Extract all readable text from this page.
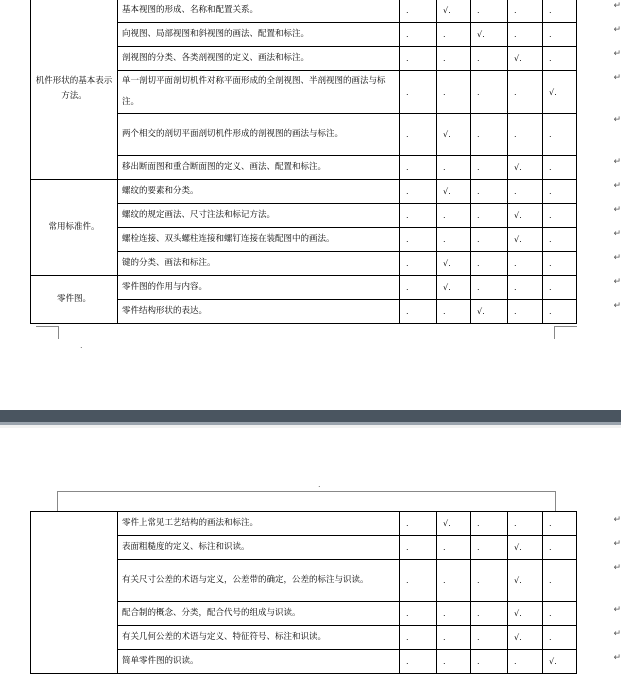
机件形状的基本表示方法。	基本视图的形成、名称和配置关系。	.	√.	.	.	.
	向视图、局部视图和斜视图的画法、配置和标注。	.	.	√.	.	.
	剖视图的分类、各类剖视图的定义、画法和标注。	.	.	.	√.	.
	单一剖切平面剖切机件对称平面形成的全剖视图、半剖视图的画法与标注。	.	.	.	.	√.
	两个相交的剖切平面剖切机件形成的剖视图的画法与标注。	.	√.	.	.	.
	移出断面图和重合断面图的定义、画法、配置和标注。	.	.	.	√.	.
常用标准件。	螺纹的要素和分类。	.	√.	.	.	.
	螺纹的规定画法、尺寸注法和标记方法。	.	.	.	√.	.
	螺栓连接、双头螺柱连接和螺钉连接在装配图中的画法。	.	.	.	√.	.
	键的分类、画法和标注。	.	√.	.	.	.
零件图。	零件图的作用与内容。	.	√.	.	.	.
	零件结构形状的表达。	.	.	√.	.	.
↵
↵
↵
↵
↵
↵
↵
↵
↵
↵
↵
↵
.
.
	零件上常见工艺结构的画法和标注。	.	√.	.	.	.
	表面粗糙度的定义、标注和识读。	.	.	.	√.	.
	有关尺寸公差的术语与定义，公差带的确定，公差的标注与识读。	.	.	.	√.	.
	配合制的概念、分类，配合代号的组成与识读。	.	.	.	√.	.
	有关几何公差的术语与定义、特征符号、标注和识读。	.	.	.	√.	.
	简单零件图的识读。	.	.	.	.	√.
↵
↵
↵
↵
↵
↵
